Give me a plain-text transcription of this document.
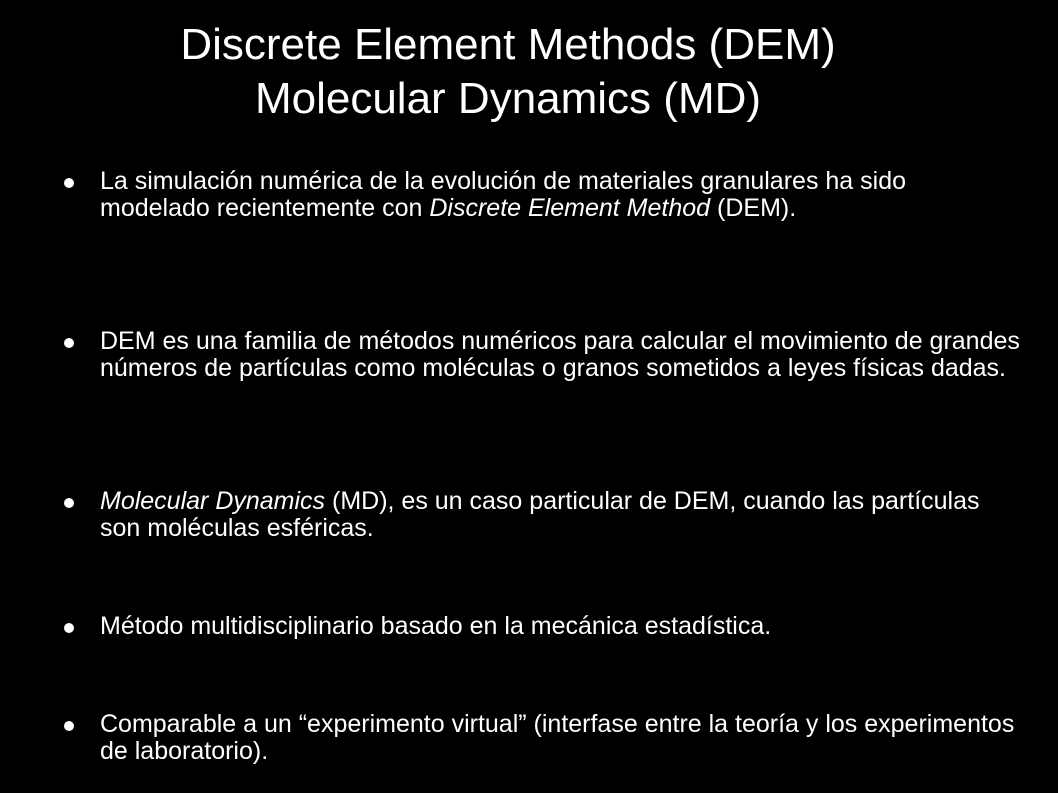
Discrete Element Methods (DEM)
Molecular Dynamics (MD)

La simulación numérica de la evolución de materiales granulares ha sido modelado recientemente con Discrete Element Method (DEM).

DEM es una familia de métodos numéricos para calcular el movimiento de grandes números de partículas como moléculas o granos sometidos a leyes físicas dadas.

Molecular Dynamics (MD), es un caso particular de DEM, cuando las partículas son moléculas esféricas.

Método multidisciplinario basado en la mecánica estadística.

Comparable a un “experimento virtual” (interfase entre la teoría y los experimentos de laboratorio).
